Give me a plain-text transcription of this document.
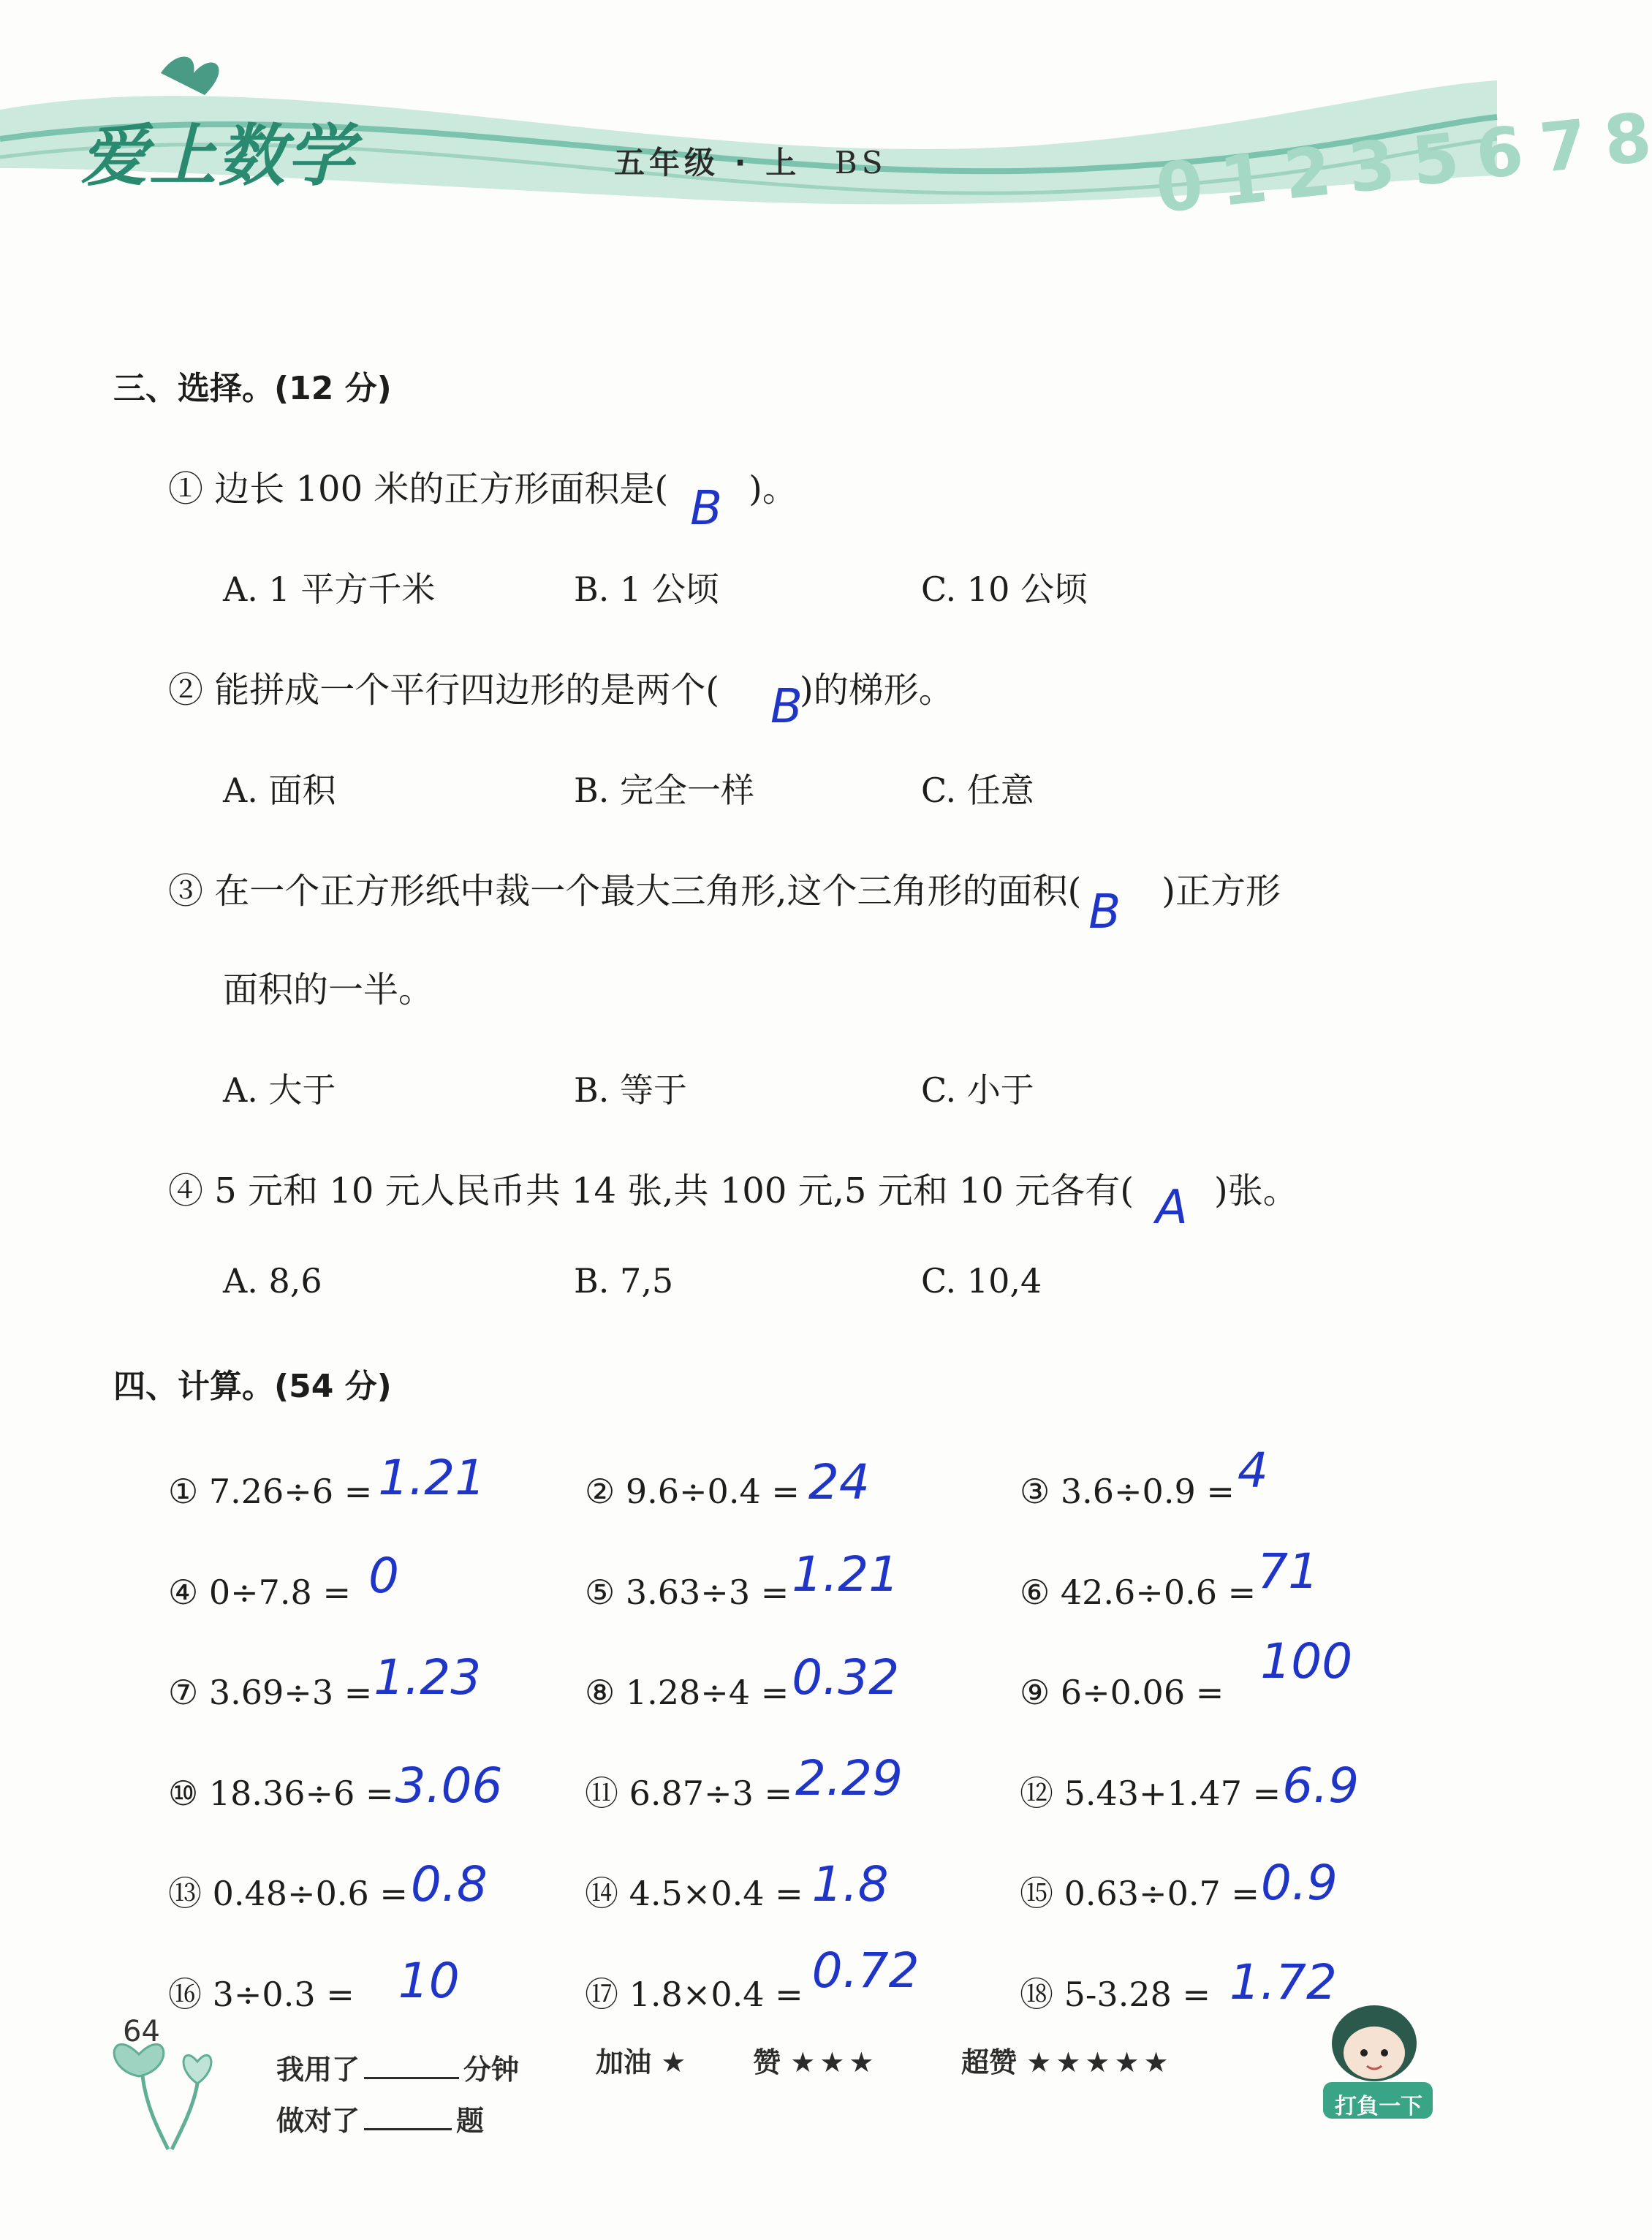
爱上数学	五年级 · 上 BS	0 1 2 3 5 6 7 8
三、选择。(12 分)
① 边长 100 米的正方形面积是( B )。
A. 1 平方千米	B. 1 公顷	C. 10 公顷
② 能拼成一个平行四边形的是两个( B
)的梯形。
A. 面积	B. 完全一样	C. 任意
③ 在一个正方形纸中裁一个最大三角形,这个三角形的面积( B )正方形
面积的一半。
A. 大于	B. 等于	C. 小于
④ 5 元和 10 元人民币共 14 张,共 100 元,5 元和 10 元各有( A )张。
A. 8,6	B. 7,5	C. 10,4
四、计算。(54 分)
① 7.26÷6 = 1.21	② 9.6÷0.4 = 24	③ 3.6÷0.9 =4
④ 0÷7.8 = 0	⑤ 3.63÷3 =1.21	⑥ 42.6÷0.6 =71
⑦ 3.69÷3 =1.23	⑧ 1.28÷4 =0.32	⑨ 6÷0.06 =100
⑩ 18.36÷6 =3.06 ⑪ 6.87÷3 =2.29	⑫ 5.43+1.47 =6.9
⑬ 0.48÷0.6 =0.8	⑭ 4.5×0.4 = 1.8	⑮ 0.63÷0.7 =0.9
⑯ 3÷0.3 = 10	⑰ 1.8×0.4 = 0.72	⑱ 5-3.28 = 1.72
64
我用了	分钟
做对了	题
加油 ★ 赞 ★★★	超赞 ★★★★★
打負一下
